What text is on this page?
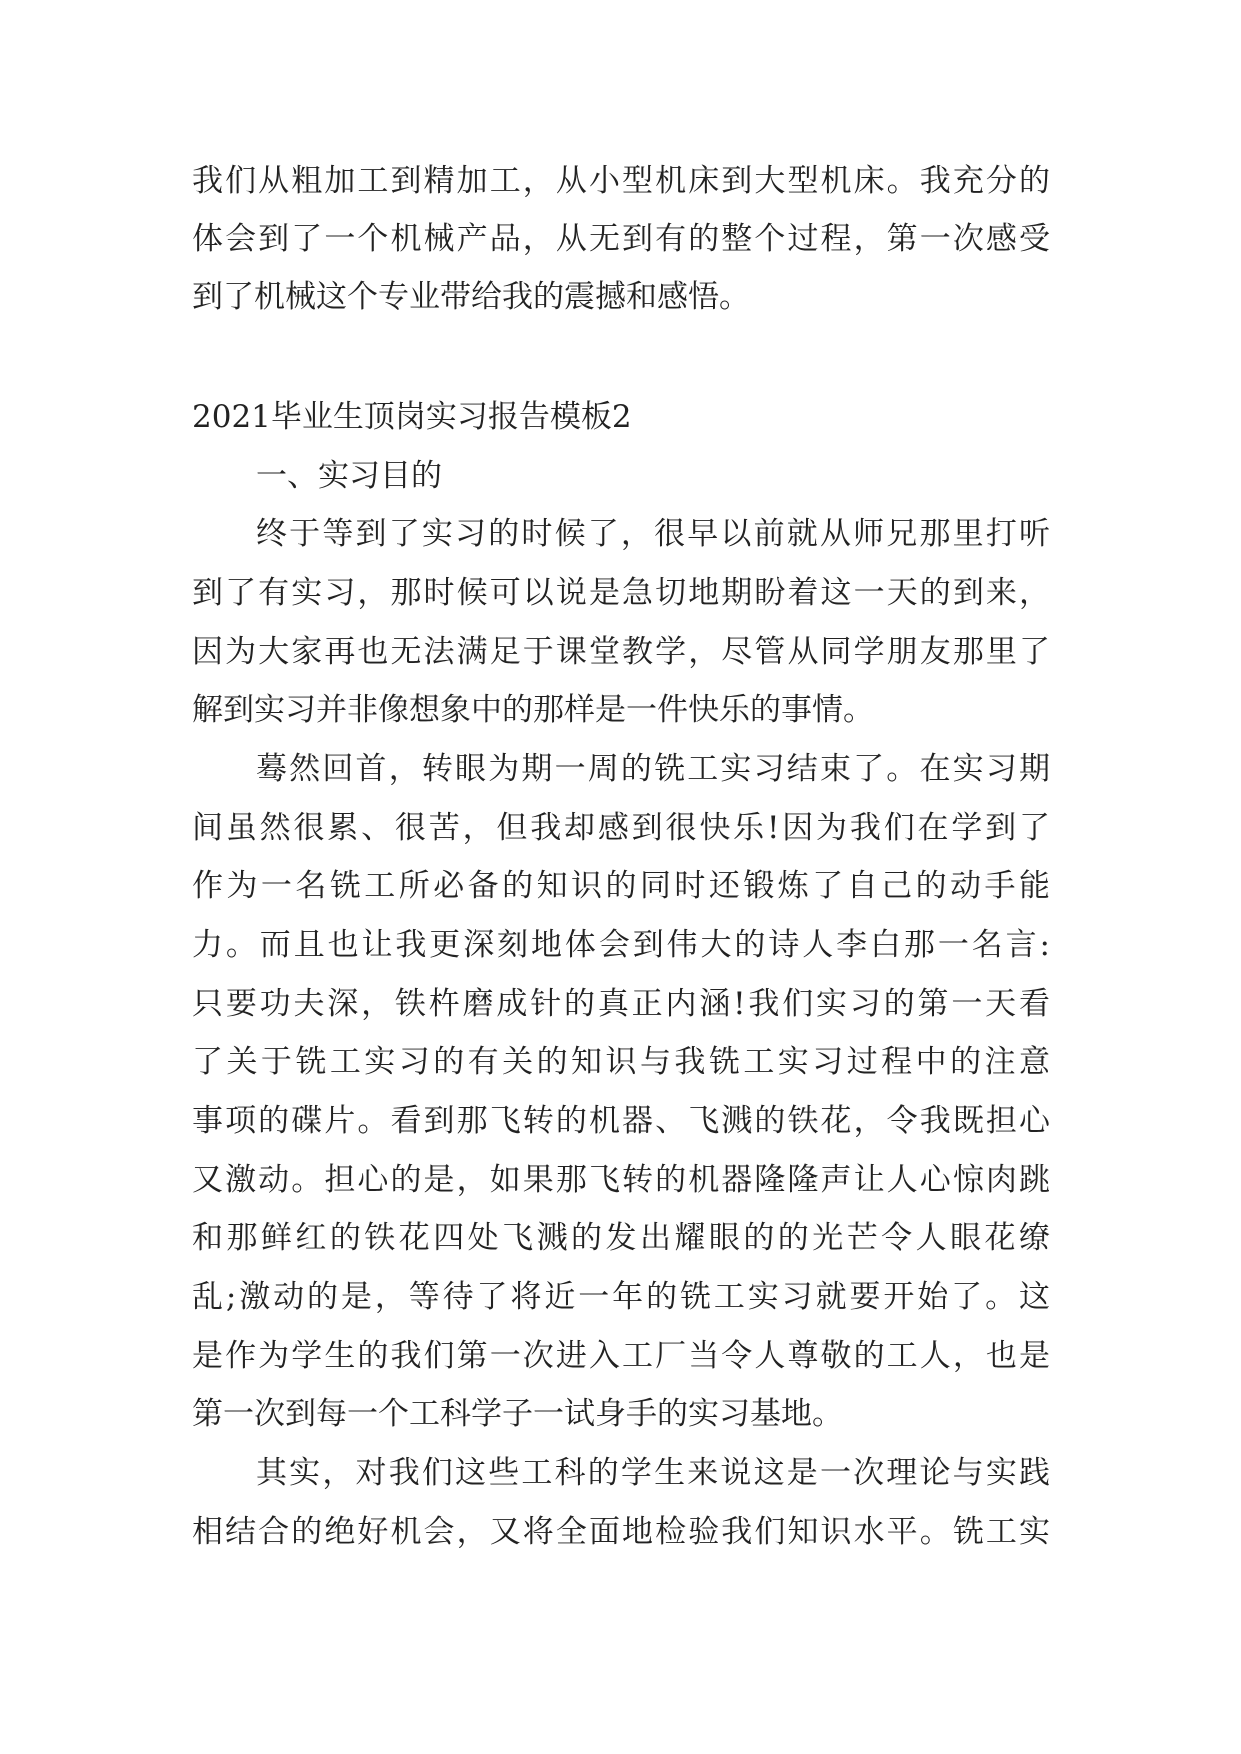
我们从粗加工到精加工，从小型机床到大型机床。我充分的
体会到了一个机械产品，从无到有的整个过程，第一次感受
到了机械这个专业带给我的震撼和感悟。
2021毕业生顶岗实习报告模板2
一、实习目的
终于等到了实习的时候了，很早以前就从师兄那里打听
到了有实习，那时候可以说是急切地期盼着这一天的到来，
因为大家再也无法满足于课堂教学，尽管从同学朋友那里了
解到实习并非像想象中的那样是一件快乐的事情。
蓦然回首，转眼为期一周的铣工实习结束了。在实习期
间虽然很累、很苦，但我却感到很快乐!因为我们在学到了
作为一名铣工所必备的知识的同时还锻炼了自己的动手能
力。而且也让我更深刻地体会到伟大的诗人李白那一名言:
只要功夫深，铁杵磨成针的真正内涵!我们实习的第一天看
了关于铣工实习的有关的知识与我铣工实习过程中的注意
事项的碟片。看到那飞转的机器、飞溅的铁花，令我既担心
又激动。担心的是，如果那飞转的机器隆隆声让人心惊肉跳
和那鲜红的铁花四处飞溅的发出耀眼的的光芒令人眼花缭
乱;激动的是，等待了将近一年的铣工实习就要开始了。这
是作为学生的我们第一次进入工厂当令人尊敬的工人，也是
第一次到每一个工科学子一试身手的实习基地。
其实，对我们这些工科的学生来说这是一次理论与实践
相结合的绝好机会，又将全面地检验我们知识水平。铣工实
